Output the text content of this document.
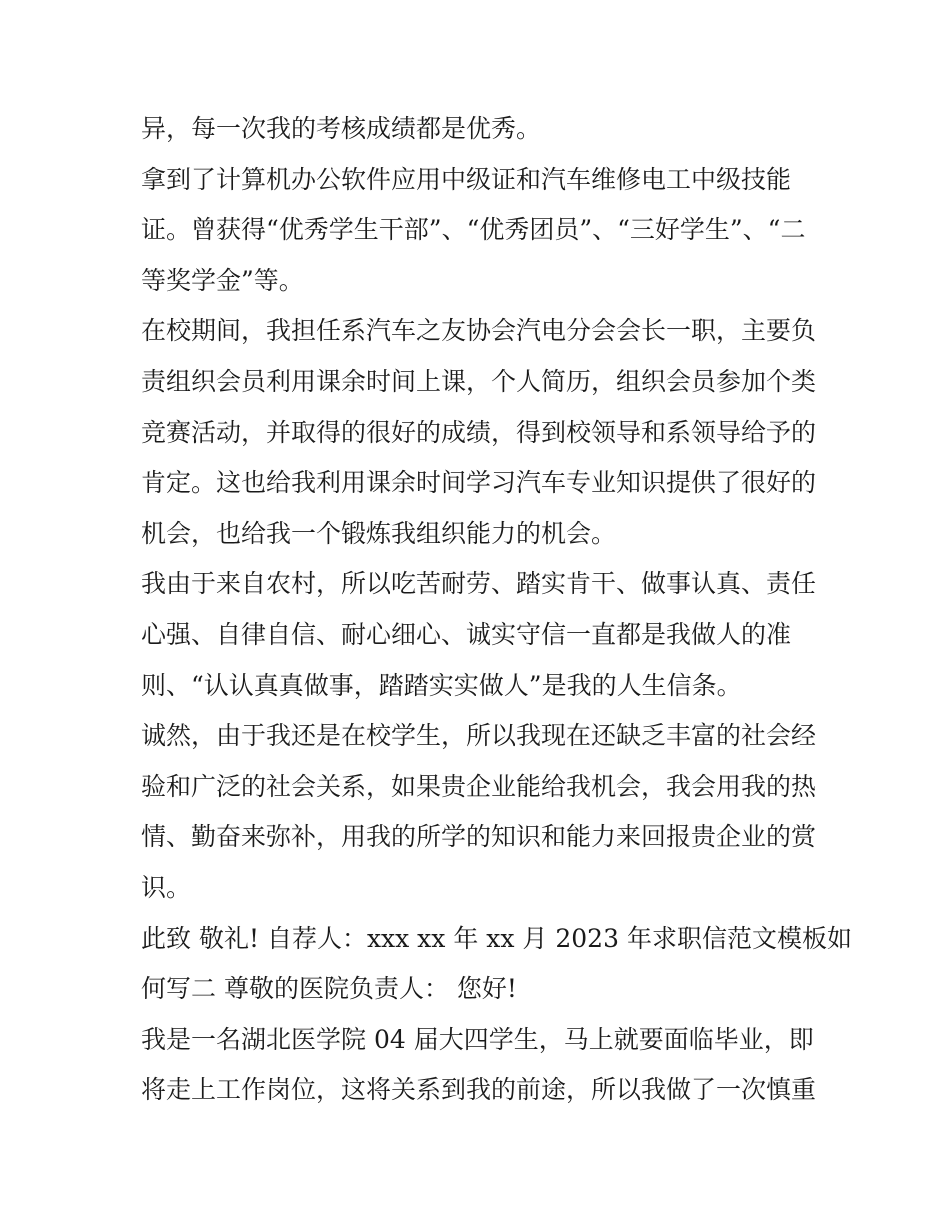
异，每一次我的考核成绩都是优秀。
拿到了计算机办公软件应用中级证和汽车维修电工中级技能
证。曾获得“优秀学生干部”、“优秀团员”、“三好学生”、“二
等奖学金”等。
在校期间，我担任系汽车之友协会汽电分会会长一职，主要负
责组织会员利用课余时间上课，个人简历，组织会员参加个类
竞赛活动，并取得的很好的成绩，得到校领导和系领导给予的
肯定。这也给我利用课余时间学习汽车专业知识提供了很好的
机会，也给我一个锻炼我组织能力的机会。
我由于来自农村，所以吃苦耐劳、踏实肯干、做事认真、责任
心强、自律自信、耐心细心、诚实守信一直都是我做人的准
则、“认认真真做事，踏踏实实做人”是我的人生信条。
诚然，由于我还是在校学生，所以我现在还缺乏丰富的社会经
验和广泛的社会关系，如果贵企业能给我机会，我会用我的热
情、勤奋来弥补，用我的所学的知识和能力来回报贵企业的赏
识。
此致 敬礼! 自荐人：xxx xx 年 xx 月 2023 年求职信范文模板如
何写二 尊敬的医院负责人： 您好!
我是一名湖北医学院 04 届大四学生，马上就要面临毕业，即
将走上工作岗位，这将关系到我的前途，所以我做了一次慎重
